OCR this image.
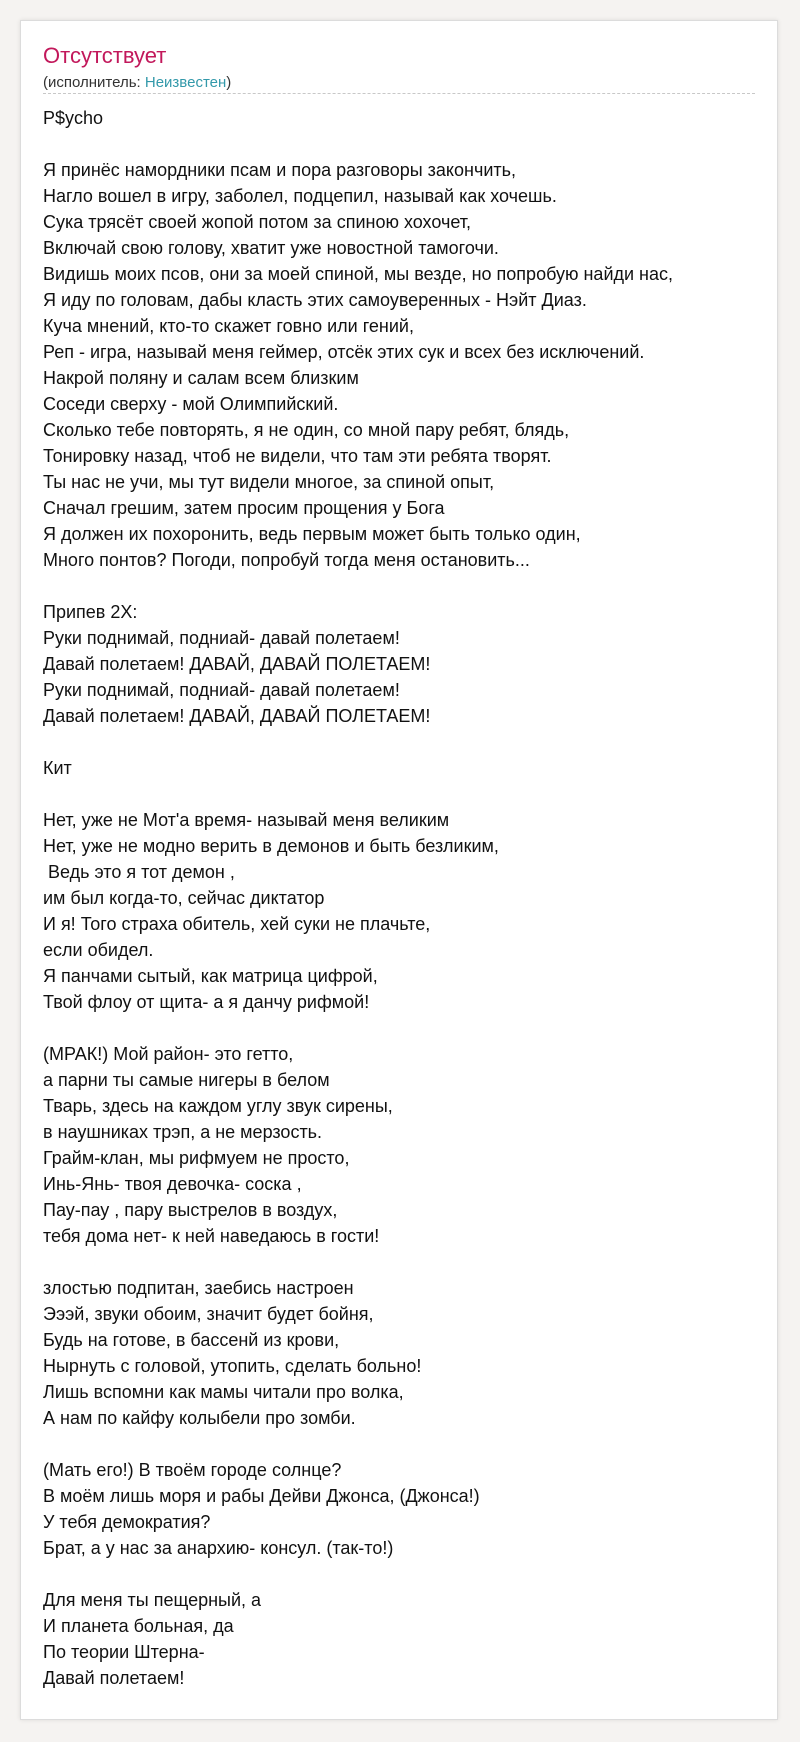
Отсутствует
(исполнитель: Неизвестен)
P$ycho
Я принёс намордники псам и пора разговоры закончить,
Нагло вошел в игру, заболел, подцепил, называй как хочешь.
Сука трясёт своей жопой потом за спиною хохочет,
Включай свою голову, хватит уже новостной тамогочи.
Видишь моих псов, они за моей спиной, мы везде, но попробую найди нас,
Я иду по головам, дабы класть этих самоуверенных - Нэйт Диаз.
Куча мнений, кто-то скажет говно или гений,
Реп - игра, называй меня геймер, отсёк этих сук и всех без исключений.
Накрой поляну и салам всем близким
Соседи сверху - мой Олимпийский.
Сколько тебе повторять, я не один, со мной пару ребят, блядь,
Тонировку назад, чтоб не видели, что там эти ребята творят.
Ты нас не учи, мы тут видели многое, за спиной опыт,
Сначал грешим, затем просим прощения у Бога
Я должен их похоронить, ведь первым может быть только один,
Много понтов? Погоди, попробуй тогда меня остановить...
Припев 2X:
Руки поднимай, подниай- давай полетаем!
Давай полетаем! ДАВАЙ, ДАВАЙ ПОЛЕТАЕМ!
Руки поднимай, подниай- давай полетаем!
Давай полетаем! ДАВАЙ, ДАВАЙ ПОЛЕТАЕМ!
Кит
Нет, уже не Мот'а время- называй меня великим
Нет, уже не модно верить в демонов и быть безликим,
Ведь это я тот демон ,
им был когда-то, сейчас диктатор
И я! Того страха обитель, хей суки не плачьте,
если обидел.
Я панчами сытый, как матрица цифрой,
Твой флоу от щита- а я данчу рифмой!
(МРАК!) Мой район- это гетто,
а парни ты самые нигеры в белом
Тварь, здесь на каждом углу звук сирены,
в наушниках трэп, а не мерзость.
Грайм-клан, мы рифмуем не просто,
Инь-Янь- твоя девочка- соска ,
Пау-пау , пару выстрелов в воздух,
тебя дома нет- к ней наведаюсь в гости!
злостью подпитан, заебись настроен
Эээй, звуки обоим, значит будет бойня,
Будь на готове, в бассенй из крови,
Нырнуть с головой, утопить, сделать больно!
Лишь вспомни как мамы читали про волка,
А нам по кайфу колыбели про зомби.
(Мать его!) В твоём городе солнце?
В моём лишь моря и рабы Дейви Джонса, (Джонса!)
У тебя демократия?
Брат, а у нас за анархию- консул. (так-то!)
Для меня ты пещерный, а
И планета больная, да
По теории Штерна-
Давай полетаем!
